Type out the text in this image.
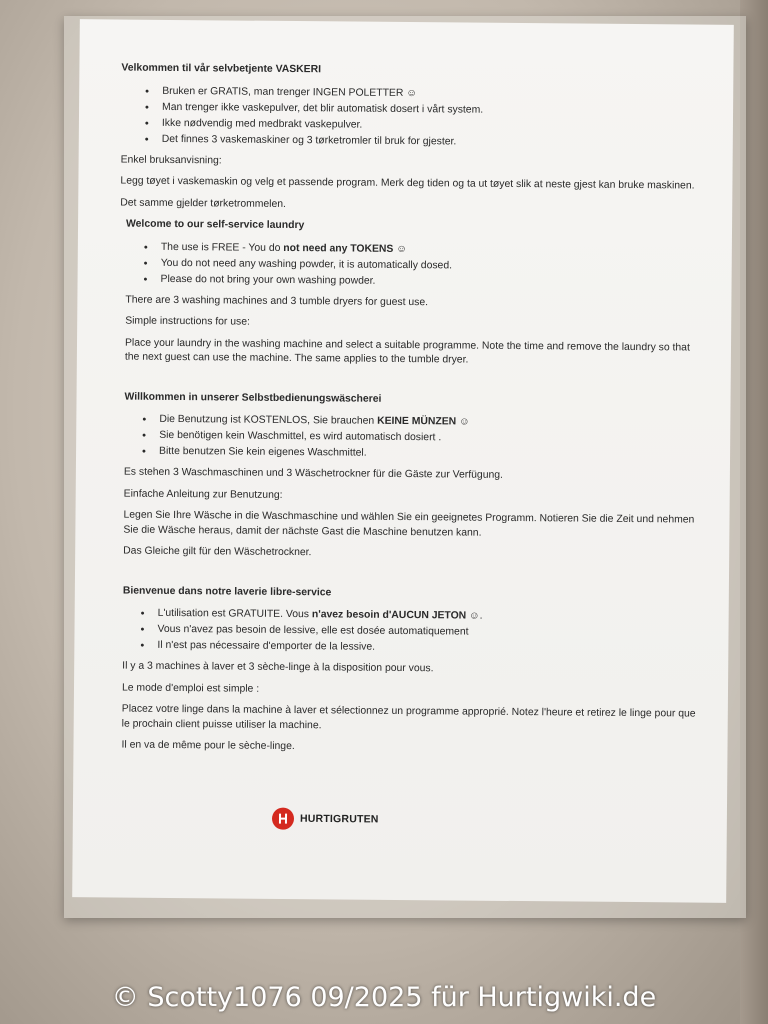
Velkommen til vår selvbetjente VASKERI

• Bruken er GRATIS, man trenger INGEN POLETTER ☺
• Man trenger ikke vaskepulver, det blir automatisk dosert i vårt system.
• Ikke nødvendig med medbrakt vaskepulver.
• Det finnes 3 vaskemaskiner og 3 tørketromler til bruk for gjester.

Enkel bruksanvisning:

Legg tøyet i vaskemaskin og velg et passende program. Merk deg tiden og ta ut tøyet slik at neste gjest kan bruke maskinen.

Det samme gjelder tørketrommelen.

Welcome to our self-service laundry

• The use is FREE - You do not need any TOKENS ☺
• You do not need any washing powder, it is automatically dosed.
• Please do not bring your own washing powder.

There are 3 washing machines and 3 tumble dryers for guest use.

Simple instructions for use:

Place your laundry in the washing machine and select a suitable programme. Note the time and remove the laundry so that the next guest can use the machine. The same applies to the tumble dryer.

Willkommen in unserer Selbstbedienungswäscherei

• Die Benutzung ist KOSTENLOS, Sie brauchen KEINE MÜNZEN ☺
• Sie benötigen kein Waschmittel, es wird automatisch dosiert .
• Bitte benutzen Sie kein eigenes Waschmittel.

Es stehen 3 Waschmaschinen und 3 Wäschetrockner für die Gäste zur Verfügung.

Einfache Anleitung zur Benutzung:

Legen Sie Ihre Wäsche in die Waschmaschine und wählen Sie ein geeignetes Programm. Notieren Sie die Zeit und nehmen Sie die Wäsche heraus, damit der nächste Gast die Maschine benutzen kann.

Das Gleiche gilt für den Wäschetrockner.

Bienvenue dans notre laverie libre-service

• L'utilisation est GRATUITE. Vous n'avez besoin d'AUCUN JETON ☺.
• Vous n'avez pas besoin de lessive, elle est dosée automatiquement
• Il n'est pas nécessaire d'emporter de la lessive.

Il y a 3 machines à laver et 3 sèche-linge à la disposition pour vous.

Le mode d'emploi est simple :

Placez votre linge dans la machine à laver et sélectionnez un programme approprié. Notez l'heure et retirez le linge pour que le prochain client puisse utiliser la machine.

Il en va de même pour le sèche-linge.

HURTIGRUTEN
© Scotty1076 09/2025 für Hurtigwiki.de
